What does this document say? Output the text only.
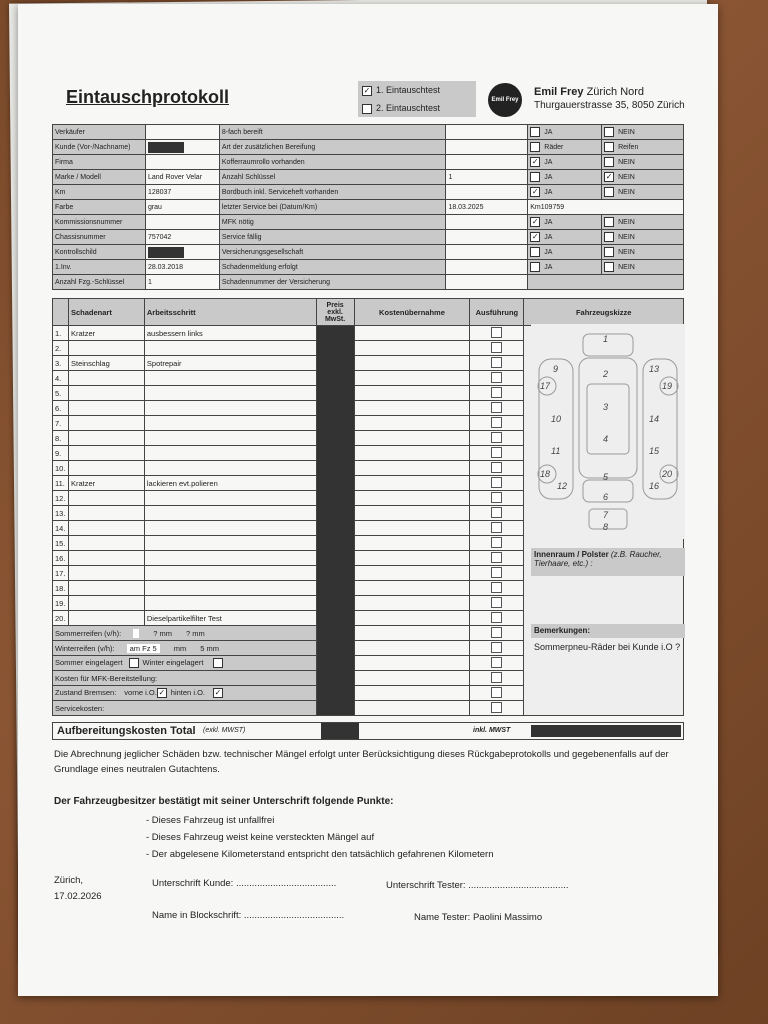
Eintauschprotokoll	✓ 1. Eintauschtest
2. Eintauschtest
Emil Frey
Emil Frey Zürich Nord
Thurgauerstrasse 35, 8050 Zürich
Verkäufer		8-fach bereift		JA	NEIN
Kunde (Vor-/Nachname)		Art der zusätzlichen Bereifung		Räder	Reifen
Firma		Kofferraumrollo vorhanden		✓ JA	NEIN
Marke / Modell	Land Rover Velar	Anzahl Schlüssel	1	JA	✓ NEIN
Km	128037	Bordbuch inkl. Serviceheft vorhanden		✓ JA	NEIN
Farbe	grau	letzter Service bei (Datum/Km)	18.03.2025	Km109759	
Kommissionsnummer		MFK nötig		✓ JA	NEIN
Chassisnummer	757042	Service fällig		✓ JA	NEIN
Kontrollschild		Versicherungsgesellschaft		JA	NEIN
1.Inv.	28.03.2018	Schadenmeldung erfolgt		JA	NEIN
Anzahl Fzg.-Schlüssel	1	Schadennummer der Versicherung			
	Schadenart	Arbeitsschritt	Preis exkl. MwSt.	Kostenübernahme	Ausführung	Fahrzeugskizze
1.	Kratzer	ausbessern links				
2.						
3.	Steinschlag	Spotrepair				
4.						
5.						
6.						
7.						
8.						
9.						
10.						
11.	Kratzer	lackieren evt.polieren				
12.						
13.						
14.						
15.						
16.						
17.						
18.						
19.						
20.		Dieselpartikelfilter Test				
Sommerreifen (v/h): ? mm ? mm						
Winterreifen (v/h): am Fz 5 mm 5 mm						
Sommer eingelagert Winter eingelagert						
Kosten für MFK-Bereitstellung:						
Zustand Bremsen: vorne i.O. ✓ hinten i.O. ✓						
Servicekosten:						
1
2
3
4
5
6
7
8
9
10
11
12
13
14
15
16
17
18
19
20
Innenraum / Polster (z.B. Raucher, Tierhaare, etc.) :
Bemerkungen:
Sommerpneu-Räder bei Kunde i.O ?
Aufbereitungskosten Total (exkl. MWST)	inkl. MWST
Die Abrechnung jeglicher Schäden bzw. technischer Mängel erfolgt unter Berücksichtigung dieses Rückgabeprotokolls und gegebenenfalls auf der Grundlage eines neutralen Gutachtens.
Der Fahrzeugbesitzer bestätigt mit seiner Unterschrift folgende Punkte:
- Dieses Fahrzeug ist unfallfrei
- Dieses Fahrzeug weist keine versteckten Mängel auf
- Der abgelesene Kilometerstand entspricht den tatsächlich gefahrenen Kilometern
Zürich,
17.02.2026
Unterschrift Kunde: ......................................	Unterschrift Tester: ......................................
Name in Blockschrift: ......................................	Name Tester: Paolini Massimo
